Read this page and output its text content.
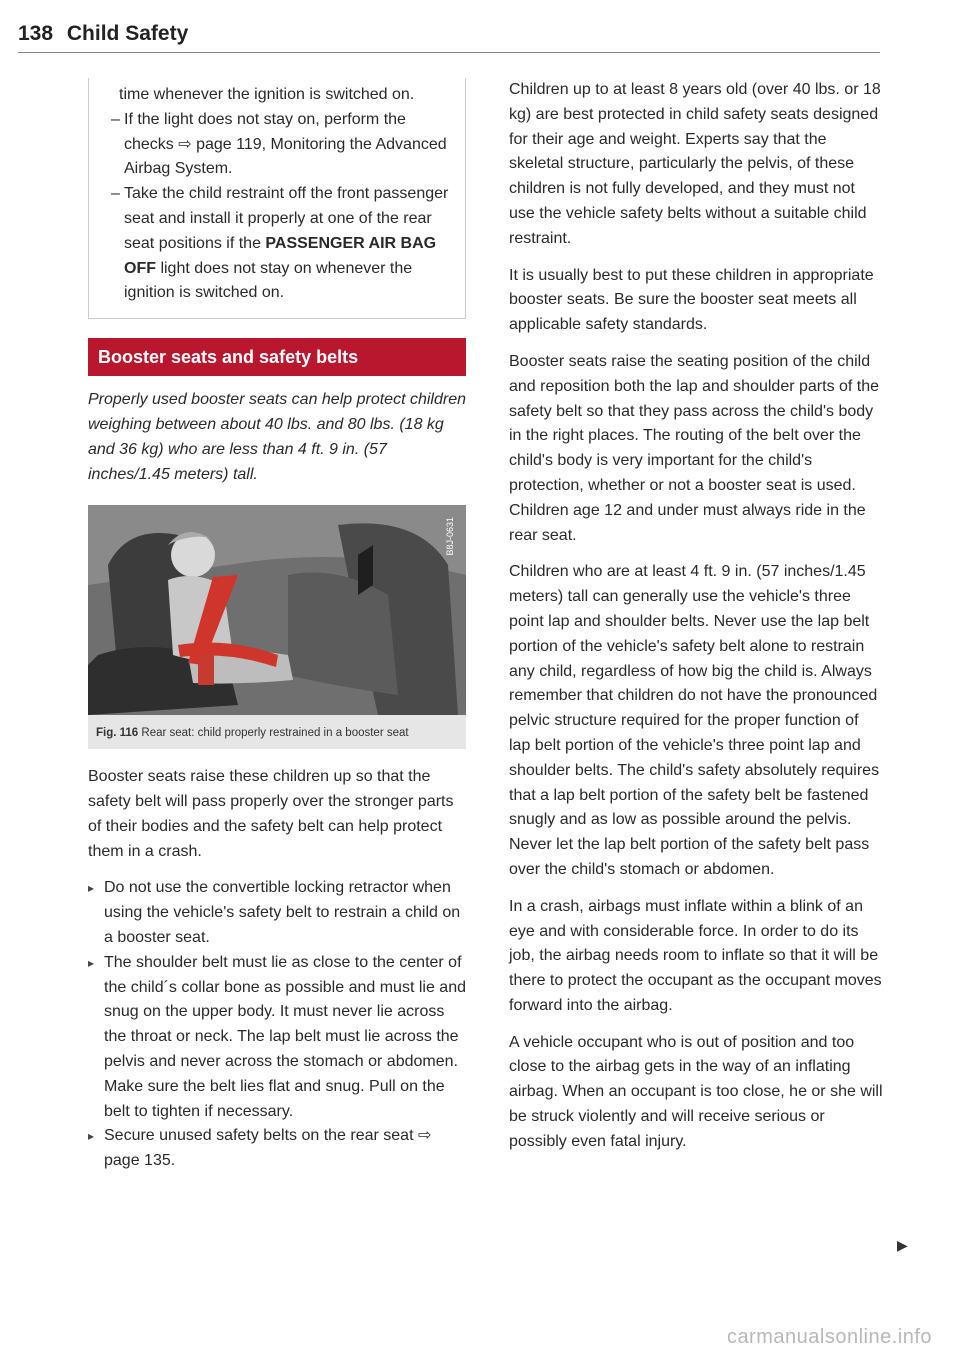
138 Child Safety

time whenever the ignition is switched on.

– If the light does not stay on, perform the checks ⇨ page 119, Monitoring the Advanced Airbag System.

– Take the child restraint off the front passenger seat and install it properly at one of the rear seat positions if the PASSENGER AIR BAG OFF light does not stay on whenever the ignition is switched on.

Booster seats and safety belts

Properly used booster seats can help protect children weighing between about 40 lbs. and 80 lbs. (18 kg and 36 kg) who are less than 4 ft. 9 in. (57 inches/1.45 meters) tall.

B8J-0631
Fig. 116 Rear seat: child properly restrained in a booster seat

Booster seats raise these children up so that the safety belt will pass properly over the stronger parts of their bodies and the safety belt can help protect them in a crash.

▸ Do not use the convertible locking retractor when using the vehicle's safety belt to restrain a child on a booster seat.
▸ The shoulder belt must lie as close to the center of the child´s collar bone as possible and must lie and snug on the upper body. It must never lie across the throat or neck. The lap belt must lie across the pelvis and never across the stomach or abdomen. Make sure the belt lies flat and snug. Pull on the belt to tighten if necessary.
▸ Secure unused safety belts on the rear seat ⇨ page 135.

Children up to at least 8 years old (over 40 lbs. or 18 kg) are best protected in child safety seats designed for their age and weight. Experts say that the skeletal structure, particularly the pelvis, of these children is not fully developed, and they must not use the vehicle safety belts without a suitable child restraint.

It is usually best to put these children in appropriate booster seats. Be sure the booster seat meets all applicable safety standards.

Booster seats raise the seating position of the child and reposition both the lap and shoulder parts of the safety belt so that they pass across the child's body in the right places. The routing of the belt over the child's body is very important for the child's protection, whether or not a booster seat is used. Children age 12 and under must always ride in the rear seat.

Children who are at least 4 ft. 9 in. (57 inches/1.45 meters) tall can generally use the vehicle's three point lap and shoulder belts. Never use the lap belt portion of the vehicle's safety belt alone to restrain any child, regardless of how big the child is. Always remember that children do not have the pronounced pelvic structure required for the proper function of lap belt portion of the vehicle's three point lap and shoulder belts. The child's safety absolutely requires that a lap belt portion of the safety belt be fastened snugly and as low as possible around the pelvis. Never let the lap belt portion of the safety belt pass over the child's stomach or abdomen.

In a crash, airbags must inflate within a blink of an eye and with considerable force. In order to do its job, the airbag needs room to inflate so that it will be there to protect the occupant as the occupant moves forward into the airbag.

A vehicle occupant who is out of position and too close to the airbag gets in the way of an inflating airbag. When an occupant is too close, he or she will be struck violently and will receive serious or possibly even fatal injury.

▶
carmanualsonline.info
